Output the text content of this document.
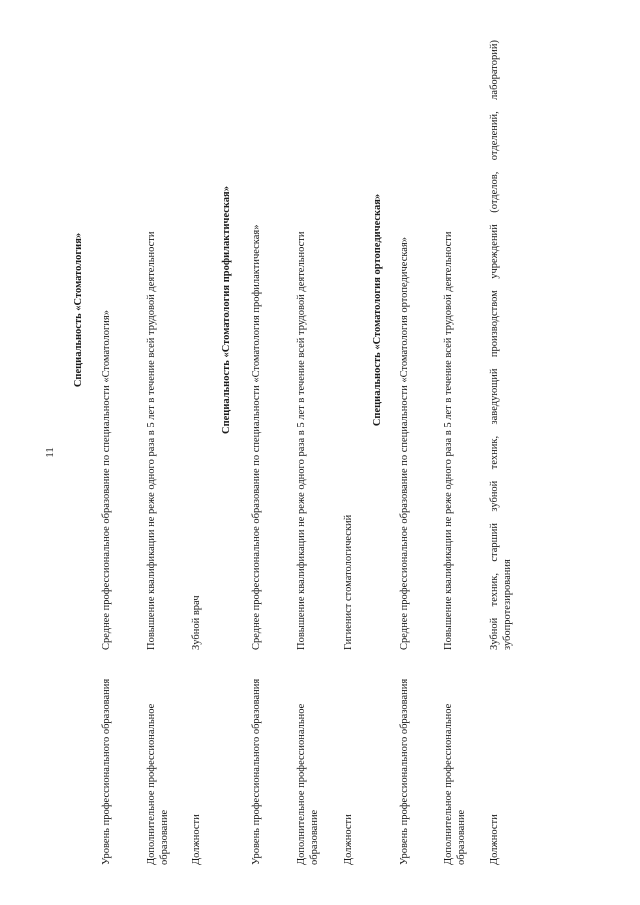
11
Специальность «Стоматология»
Уровень профессионального образования
Среднее профессиональное образование по специальности «Стоматология»
Дополнительное профессиональное образование
Повышение квалификации не реже одного раза в 5 лет в течение всей трудовой деятельности
Должности
Зубной врач
Специальность «Стоматология профилактическая»
Уровень профессионального образования
Среднее профессиональное образование по специальности «Стоматология профилактическая»
Дополнительное профессиональное образование
Повышение квалификации не реже одного раза в 5 лет в течение всей трудовой деятельности
Должности
Гигиенист стоматологический
Специальность «Стоматология ортопедическая»
Уровень профессионального образования
Среднее профессиональное образование по специальности «Стоматология ортопедическая»
Дополнительное профессиональное образование
Повышение квалификации не реже одного раза в 5 лет в течение всей трудовой деятельности
Должности
Зубной техник, старший зубной техник, заведующий производством учреждений (отделов, отделений, лабораторий) зубопротезирования
